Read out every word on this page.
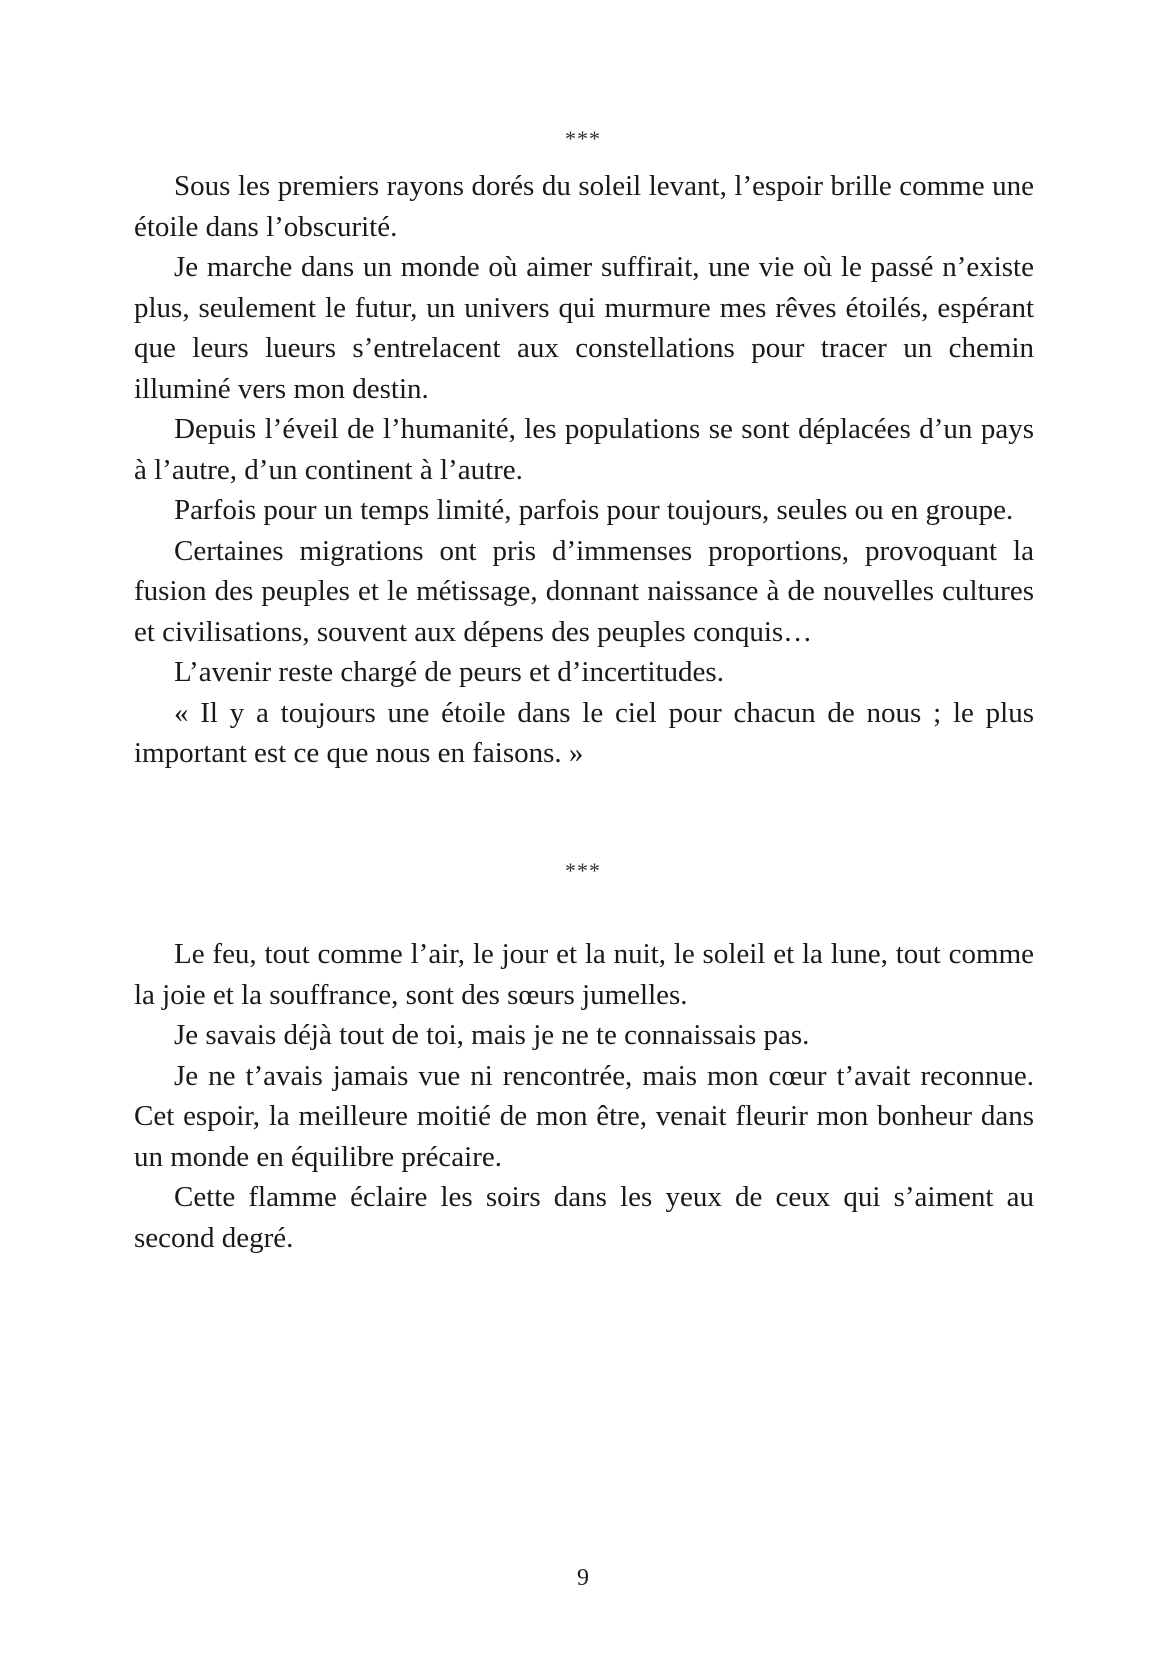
***

Sous les premiers rayons dorés du soleil levant, l’espoir brille comme une étoile dans l’obscurité.

Je marche dans un monde où aimer suffirait, une vie où le passé n’existe plus, seulement le futur, un univers qui murmure mes rêves étoilés, espérant que leurs lueurs s’entrelacent aux constellations pour tracer un chemin illuminé vers mon destin.

Depuis l’éveil de l’humanité, les populations se sont déplacées d’un pays à l’autre, d’un continent à l’autre.

Parfois pour un temps limité, parfois pour toujours, seules ou en groupe.

Certaines migrations ont pris d’immenses proportions, provoquant la fusion des peuples et le métissage, donnant naissance à de nouvelles cultures et civilisations, souvent aux dépens des peuples conquis…

L’avenir reste chargé de peurs et d’incertitudes.

« Il y a toujours une étoile dans le ciel pour chacun de nous ; le plus important est ce que nous en faisons. »

***

Le feu, tout comme l’air, le jour et la nuit, le soleil et la lune, tout comme la joie et la souffrance, sont des sœurs jumelles.

Je savais déjà tout de toi, mais je ne te connaissais pas.

Je ne t’avais jamais vue ni rencontrée, mais mon cœur t’avait reconnue. Cet espoir, la meilleure moitié de mon être, venait fleurir mon bonheur dans un monde en équilibre précaire.

Cette flamme éclaire les soirs dans les yeux de ceux qui s’aiment au second degré.

9
